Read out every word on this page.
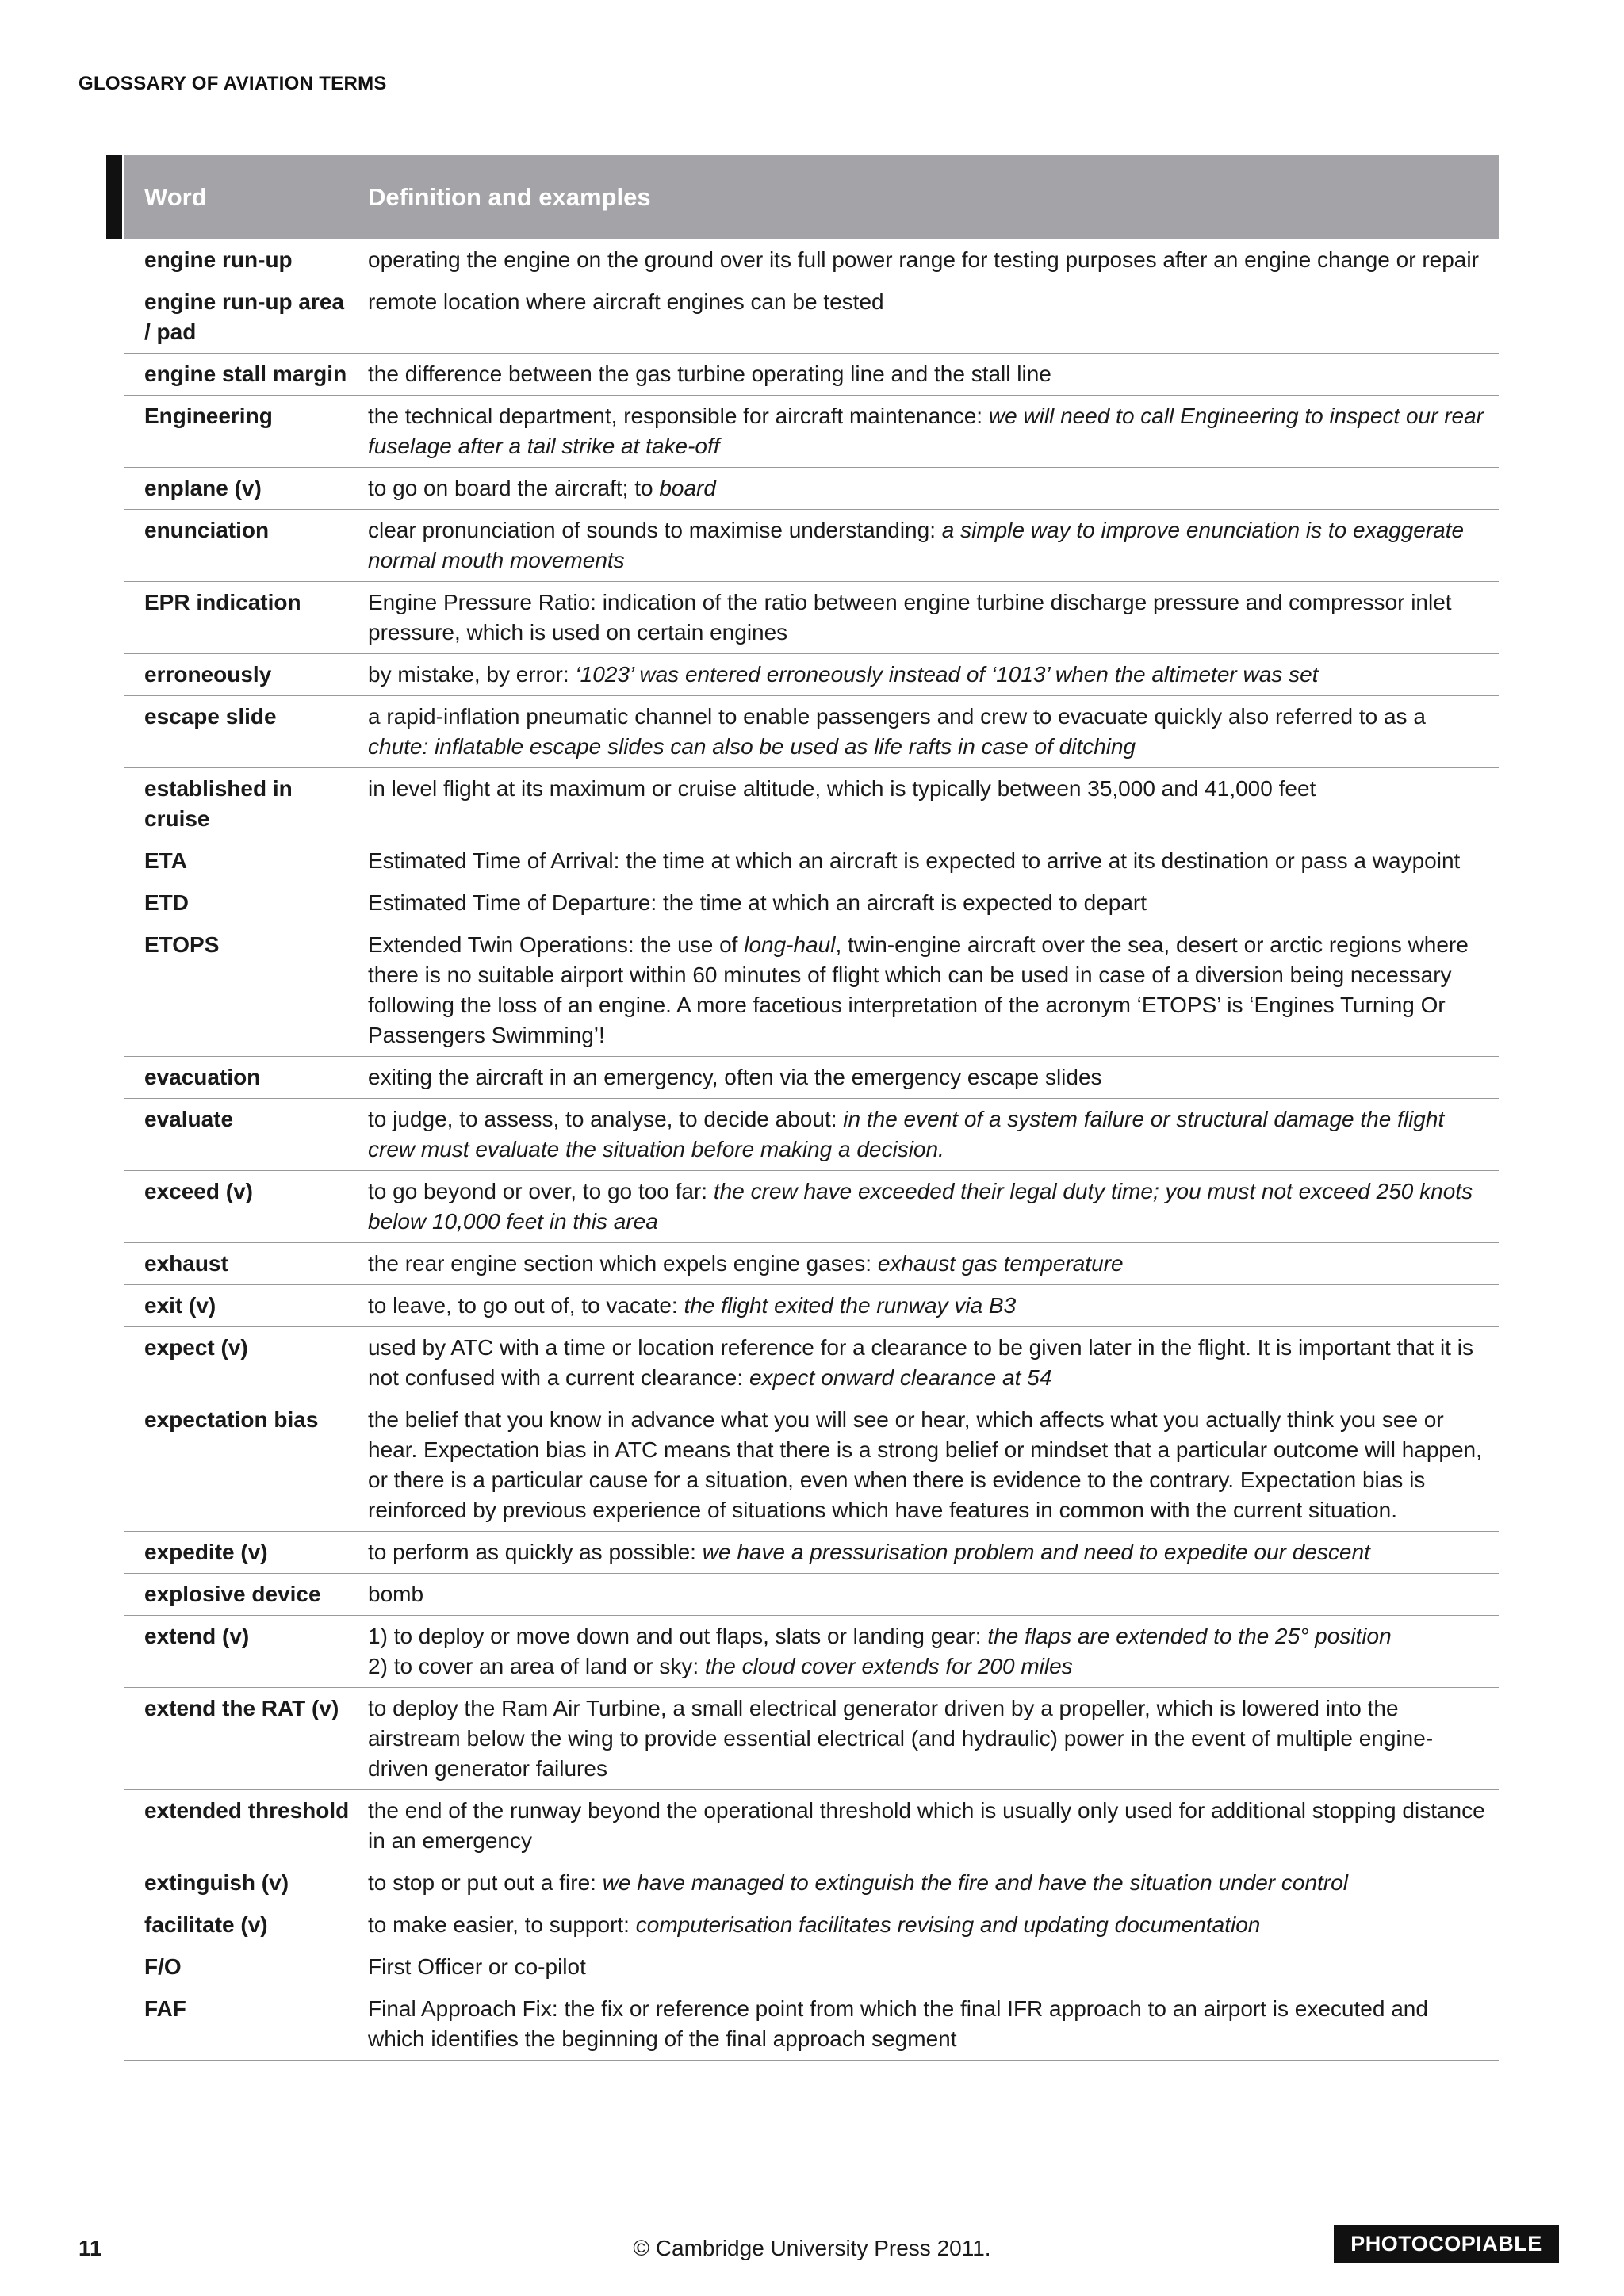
GLOSSARY OF AVIATION TERMS
Word	Definition and examples
engine run-up	operating the engine on the ground over its full power range for testing purposes after an engine change or repair
engine run-up area / pad	remote location where aircraft engines can be tested
engine stall margin	the difference between the gas turbine operating line and the stall line
Engineering	the technical department, responsible for aircraft maintenance: we will need to call Engineering to inspect our rear fuselage after a tail strike at take-off
enplane (v)	to go on board the aircraft; to board
enunciation	clear pronunciation of sounds to maximise understanding: a simple way to improve enunciation is to exaggerate normal mouth movements
EPR indication	Engine Pressure Ratio: indication of the ratio between engine turbine discharge pressure and compressor inlet pressure, which is used on certain engines
erroneously	by mistake, by error: ‘1023’ was entered erroneously instead of ‘1013’ when the altimeter was set
escape slide	a rapid-inflation pneumatic channel to enable passengers and crew to evacuate quickly also referred to as a chute: inflatable escape slides can also be used as life rafts in case of ditching
established in cruise	in level flight at its maximum or cruise altitude, which is typically between 35,000 and 41,000 feet
ETA	Estimated Time of Arrival: the time at which an aircraft is expected to arrive at its destination or pass a waypoint
ETD	Estimated Time of Departure: the time at which an aircraft is expected to depart
ETOPS	Extended Twin Operations: the use of long-haul, twin-engine aircraft over the sea, desert or arctic regions where there is no suitable airport within 60 minutes of flight which can be used in case of a diversion being necessary following the loss of an engine. A more facetious interpretation of the acronym ‘ETOPS’ is ‘Engines Turning Or Passengers Swimming’!
evacuation	exiting the aircraft in an emergency, often via the emergency escape slides
evaluate	to judge, to assess, to analyse, to decide about: in the event of a system failure or structural damage the flight crew must evaluate the situation before making a decision.
exceed (v)	to go beyond or over, to go too far: the crew have exceeded their legal duty time; you must not exceed 250 knots below 10,000 feet in this area
exhaust	the rear engine section which expels engine gases: exhaust gas temperature
exit (v)	to leave, to go out of, to vacate: the flight exited the runway via B3
expect (v)	used by ATC with a time or location reference for a clearance to be given later in the flight. It is important that it is not confused with a current clearance: expect onward clearance at 54
expectation bias	the belief that you know in advance what you will see or hear, which affects what you actually think you see or hear. Expectation bias in ATC means that there is a strong belief or mindset that a particular outcome will happen, or there is a particular cause for a situation, even when there is evidence to the contrary. Expectation bias is reinforced by previous experience of situations which have features in common with the current situation.
expedite (v)	to perform as quickly as possible: we have a pressurisation problem and need to expedite our descent
explosive device	bomb
extend (v)	1) to deploy or move down and out flaps, slats or landing gear: the flaps are extended to the 25° position
2) to cover an area of land or sky: the cloud cover extends for 200 miles
extend the RAT (v)	to deploy the Ram Air Turbine, a small electrical generator driven by a propeller, which is lowered into the airstream below the wing to provide essential electrical (and hydraulic) power in the event of multiple engine-driven generator failures
extended threshold	the end of the runway beyond the operational threshold which is usually only used for additional stopping distance in an emergency
extinguish (v)	to stop or put out a fire: we have managed to extinguish the fire and have the situation under control
facilitate (v)	to make easier, to support: computerisation facilitates revising and updating documentation
F/O	First Officer or co-pilot
FAF	Final Approach Fix: the fix or reference point from which the final IFR approach to an airport is executed and which identifies the beginning of the final approach segment
11	© Cambridge University Press 2011.	PHOTOCOPIABLE
